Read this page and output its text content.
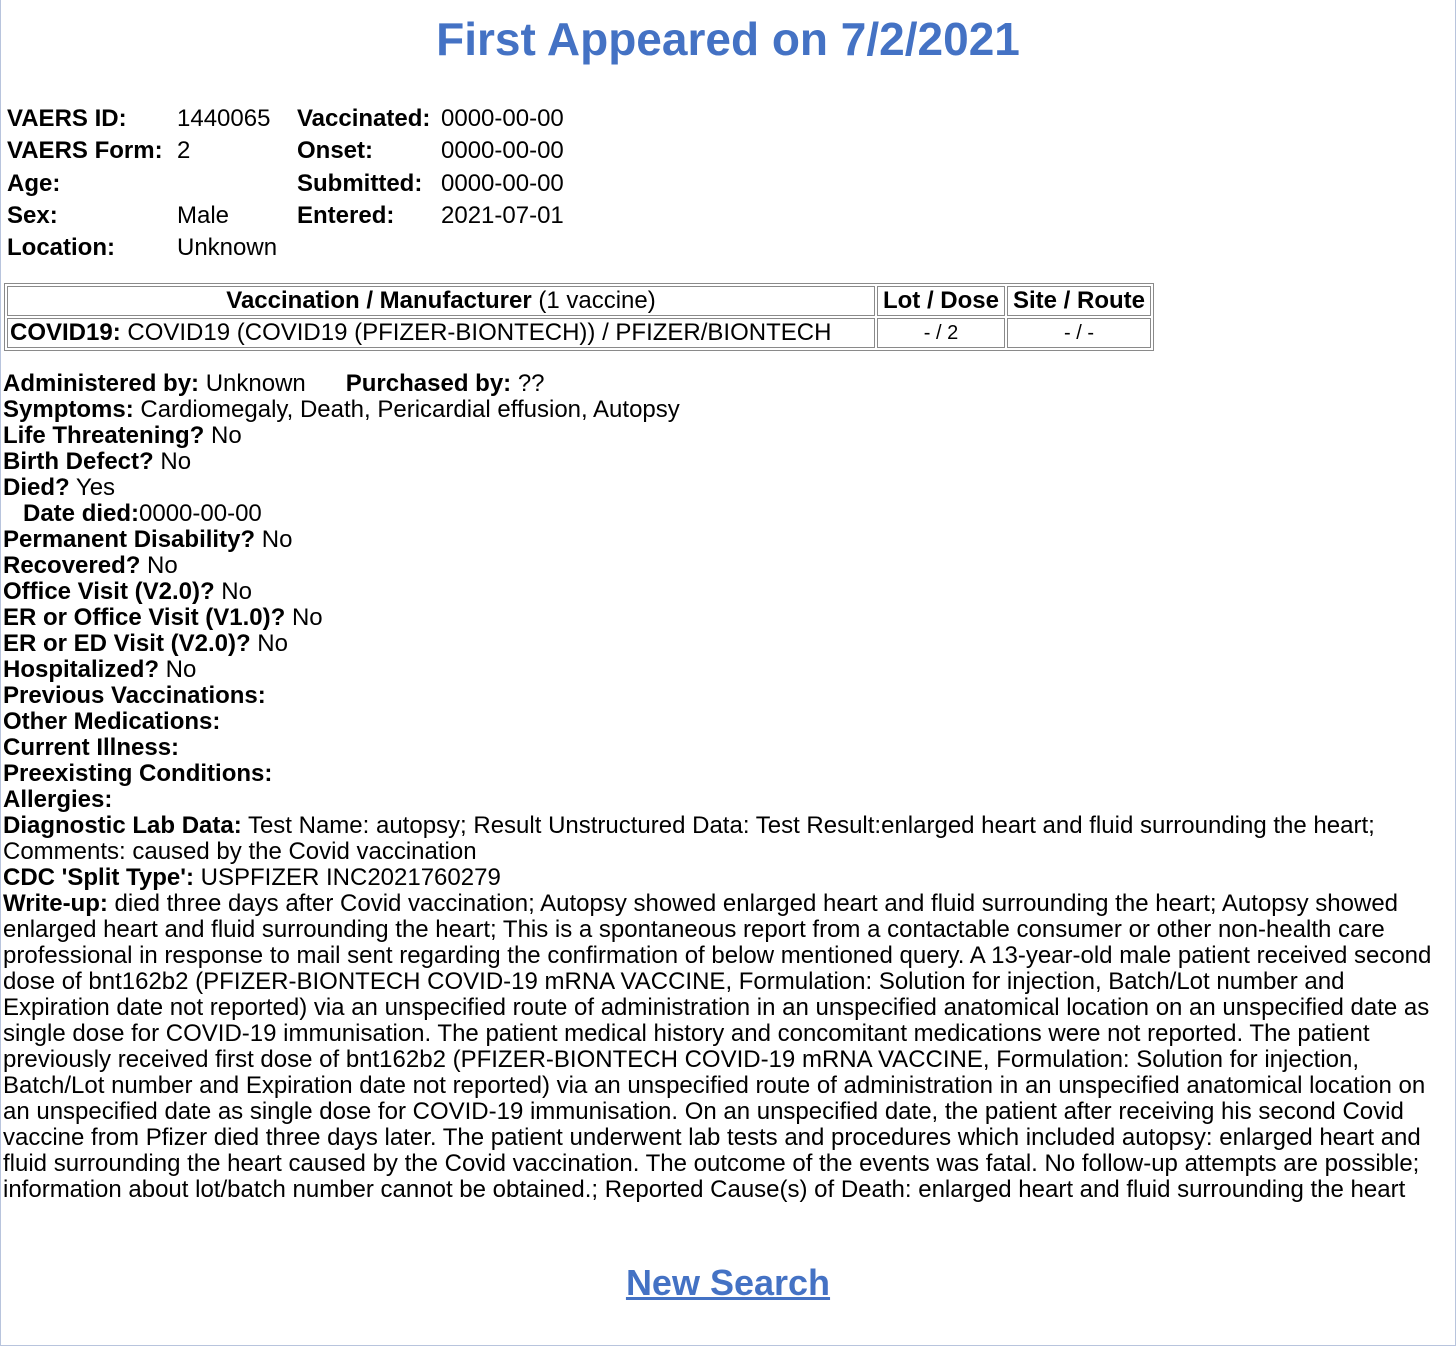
First Appeared on 7/2/2021
VAERS ID:	1440065	Vaccinated:	0000-00-00
VAERS Form:	2	Onset:	0000-00-00
Age:		Submitted:	0000-00-00
Sex:	Male	Entered:	2021-07-01
Location:	Unknown		
Vaccination / Manufacturer (1 vaccine)	Lot / Dose	Site / Route
COVID19: COVID19 (COVID19 (PFIZER-BIONTECH)) / PFIZER/BIONTECH	- / 2	- / -
Administered by: Unknown Purchased by: ??
Symptoms: Cardiomegaly, Death, Pericardial effusion, Autopsy
Life Threatening? No
Birth Defect? No
Died? Yes
Date died:0000-00-00
Permanent Disability? No
Recovered? No
Office Visit (V2.0)? No
ER or Office Visit (V1.0)? No
ER or ED Visit (V2.0)? No
Hospitalized? No
Previous Vaccinations:
Other Medications:
Current Illness:
Preexisting Conditions:
Allergies:
Diagnostic Lab Data: Test Name: autopsy; Result Unstructured Data: Test Result:enlarged heart and fluid surrounding the heart; Comments: caused by the Covid vaccination
CDC 'Split Type': USPFIZER INC2021760279
Write-up: died three days after Covid vaccination; Autopsy showed enlarged heart and fluid surrounding the heart; Autopsy showed enlarged heart and fluid surrounding the heart; This is a spontaneous report from a contactable consumer or other non-health care professional in response to mail sent regarding the confirmation of below mentioned query. A 13-year-old male patient received second dose of bnt162b2 (PFIZER-BIONTECH COVID-19 mRNA VACCINE, Formulation: Solution for injection, Batch/Lot number and Expiration date not reported) via an unspecified route of administration in an unspecified anatomical location on an unspecified date as single dose for COVID-19 immunisation. The patient medical history and concomitant medications were not reported. The patient previously received first dose of bnt162b2 (PFIZER-BIONTECH COVID-19 mRNA VACCINE, Formulation: Solution for injection, Batch/Lot number and Expiration date not reported) via an unspecified route of administration in an unspecified anatomical location on an unspecified date as single dose for COVID-19 immunisation. On an unspecified date, the patient after receiving his second Covid vaccine from Pfizer died three days later. The patient underwent lab tests and procedures which included autopsy: enlarged heart and fluid surrounding the heart caused by the Covid vaccination. The outcome of the events was fatal. No follow-up attempts are possible; information about lot/batch number cannot be obtained.; Reported Cause(s) of Death: enlarged heart and fluid surrounding the heart
New Search
